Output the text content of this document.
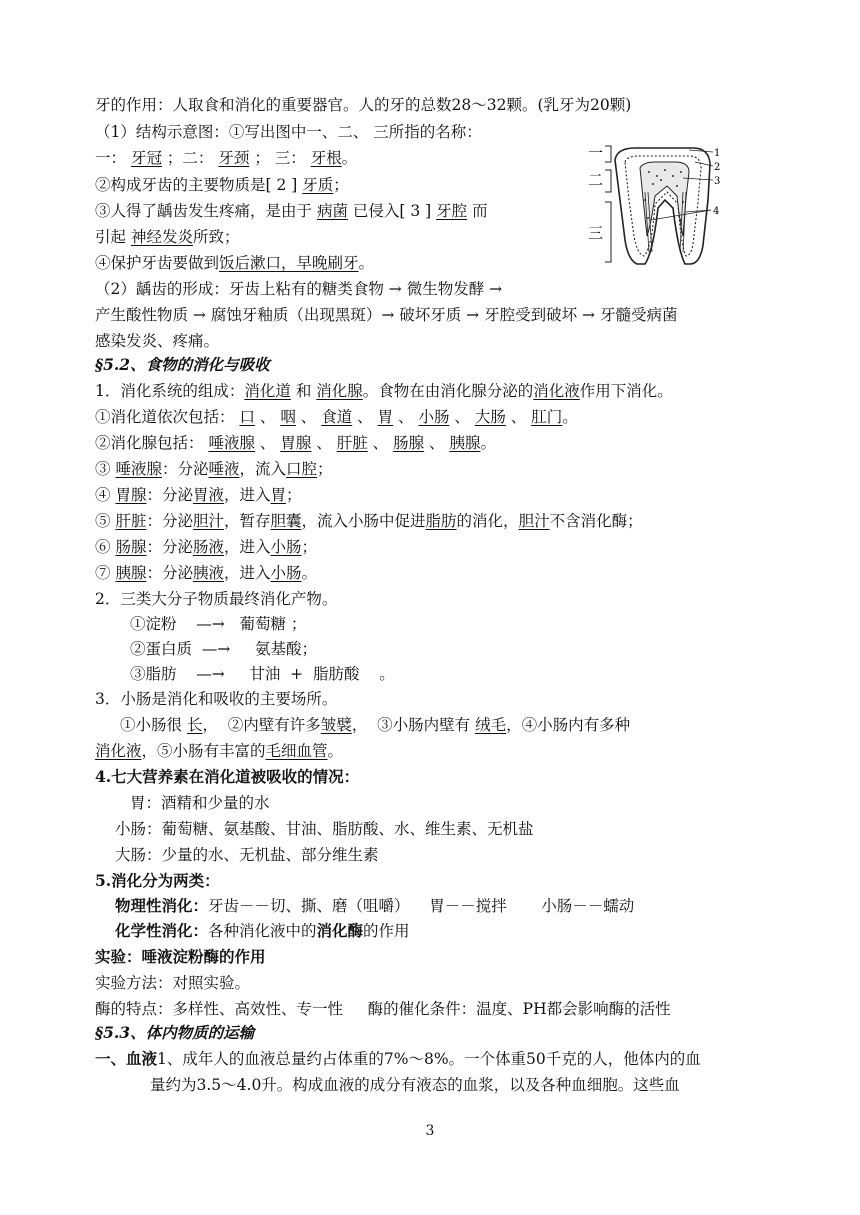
牙的作用：人取食和消化的重要器官。人的牙的总数28～32颗。(乳牙为20颗)
（1）结构示意图：①写出图中一、二、 三所指的名称：
一： 牙冠 ；二： 牙颈 ； 三： 牙根。
②构成牙齿的主要物质是[ 2 ] 牙质；
③人得了龋齿发生疼痛，是由于 病菌 已侵入[ 3 ] 牙腔 而
引起 神经发炎所致；
④保护牙齿要做到饭后漱口，早晚刷牙。
（2）龋齿的形成：牙齿上粘有的糖类食物 → 微生物发酵 →
产生酸性物质 → 腐蚀牙釉质（出现黑斑）→ 破坏牙质 → 牙腔受到破坏 → 牙髓受病菌
感染发炎、疼痛。
一
二
三
1
2
3
4
§5.2、食物的消化与吸收
1．消化系统的组成：消化道 和 消化腺。食物在由消化腺分泌的消化液作用下消化。
①消化道依次包括： 口 、 咽 、 食道 、 胃 、 小肠 、 大肠 、 肛门。
②消化腺包括： 唾液腺 、 胃腺 、 肝脏 、 肠腺 、 胰腺。
③ 唾液腺：分泌唾液，流入口腔；
④ 胃腺：分泌胃液，进入胃；
⑤ 肝脏：分泌胆汁，暂存胆囊，流入小肠中促进脂肪的消化，胆汁不含消化酶；
⑥ 肠腺：分泌肠液，进入小肠；
⑦ 胰腺：分泌胰液，进入小肠。
2．三类大分子物质最终消化产物。
①淀粉    —→   葡萄糖 ；
②蛋白质  —→     氨基酸；
③脂肪    —→     甘油  +  脂肪酸    。
3．小肠是消化和吸收的主要场所。
①小肠很 长，  ②内壁有许多皱襞，  ③小肠内壁有 绒毛，④小肠内有多种
消化液，⑤小肠有丰富的毛细血管。
4.七大营养素在消化道被吸收的情况：
胃：酒精和少量的水
小肠：葡萄糖、氨基酸、甘油、脂肪酸、水、维生素、无机盐
大肠：少量的水、无机盐、部分维生素
5.消化分为两类：
物理性消化：牙齿－－切、撕、磨（咀嚼）    胃－－搅拌       小肠－－蠕动
化学性消化：各种消化液中的消化酶的作用
实验：唾液淀粉酶的作用
实验方法：对照实验。
酶的特点：多样性、高效性、专一性     酶的催化条件：温度、PH都会影响酶的活性
§5.3、体内物质的运输
一、血液1、成年人的血液总量约占体重的7%～8%。一个体重50千克的人，他体内的血
量约为3.5～4.0升。构成血液的成分有液态的血浆，以及各种血细胞。这些血
3
